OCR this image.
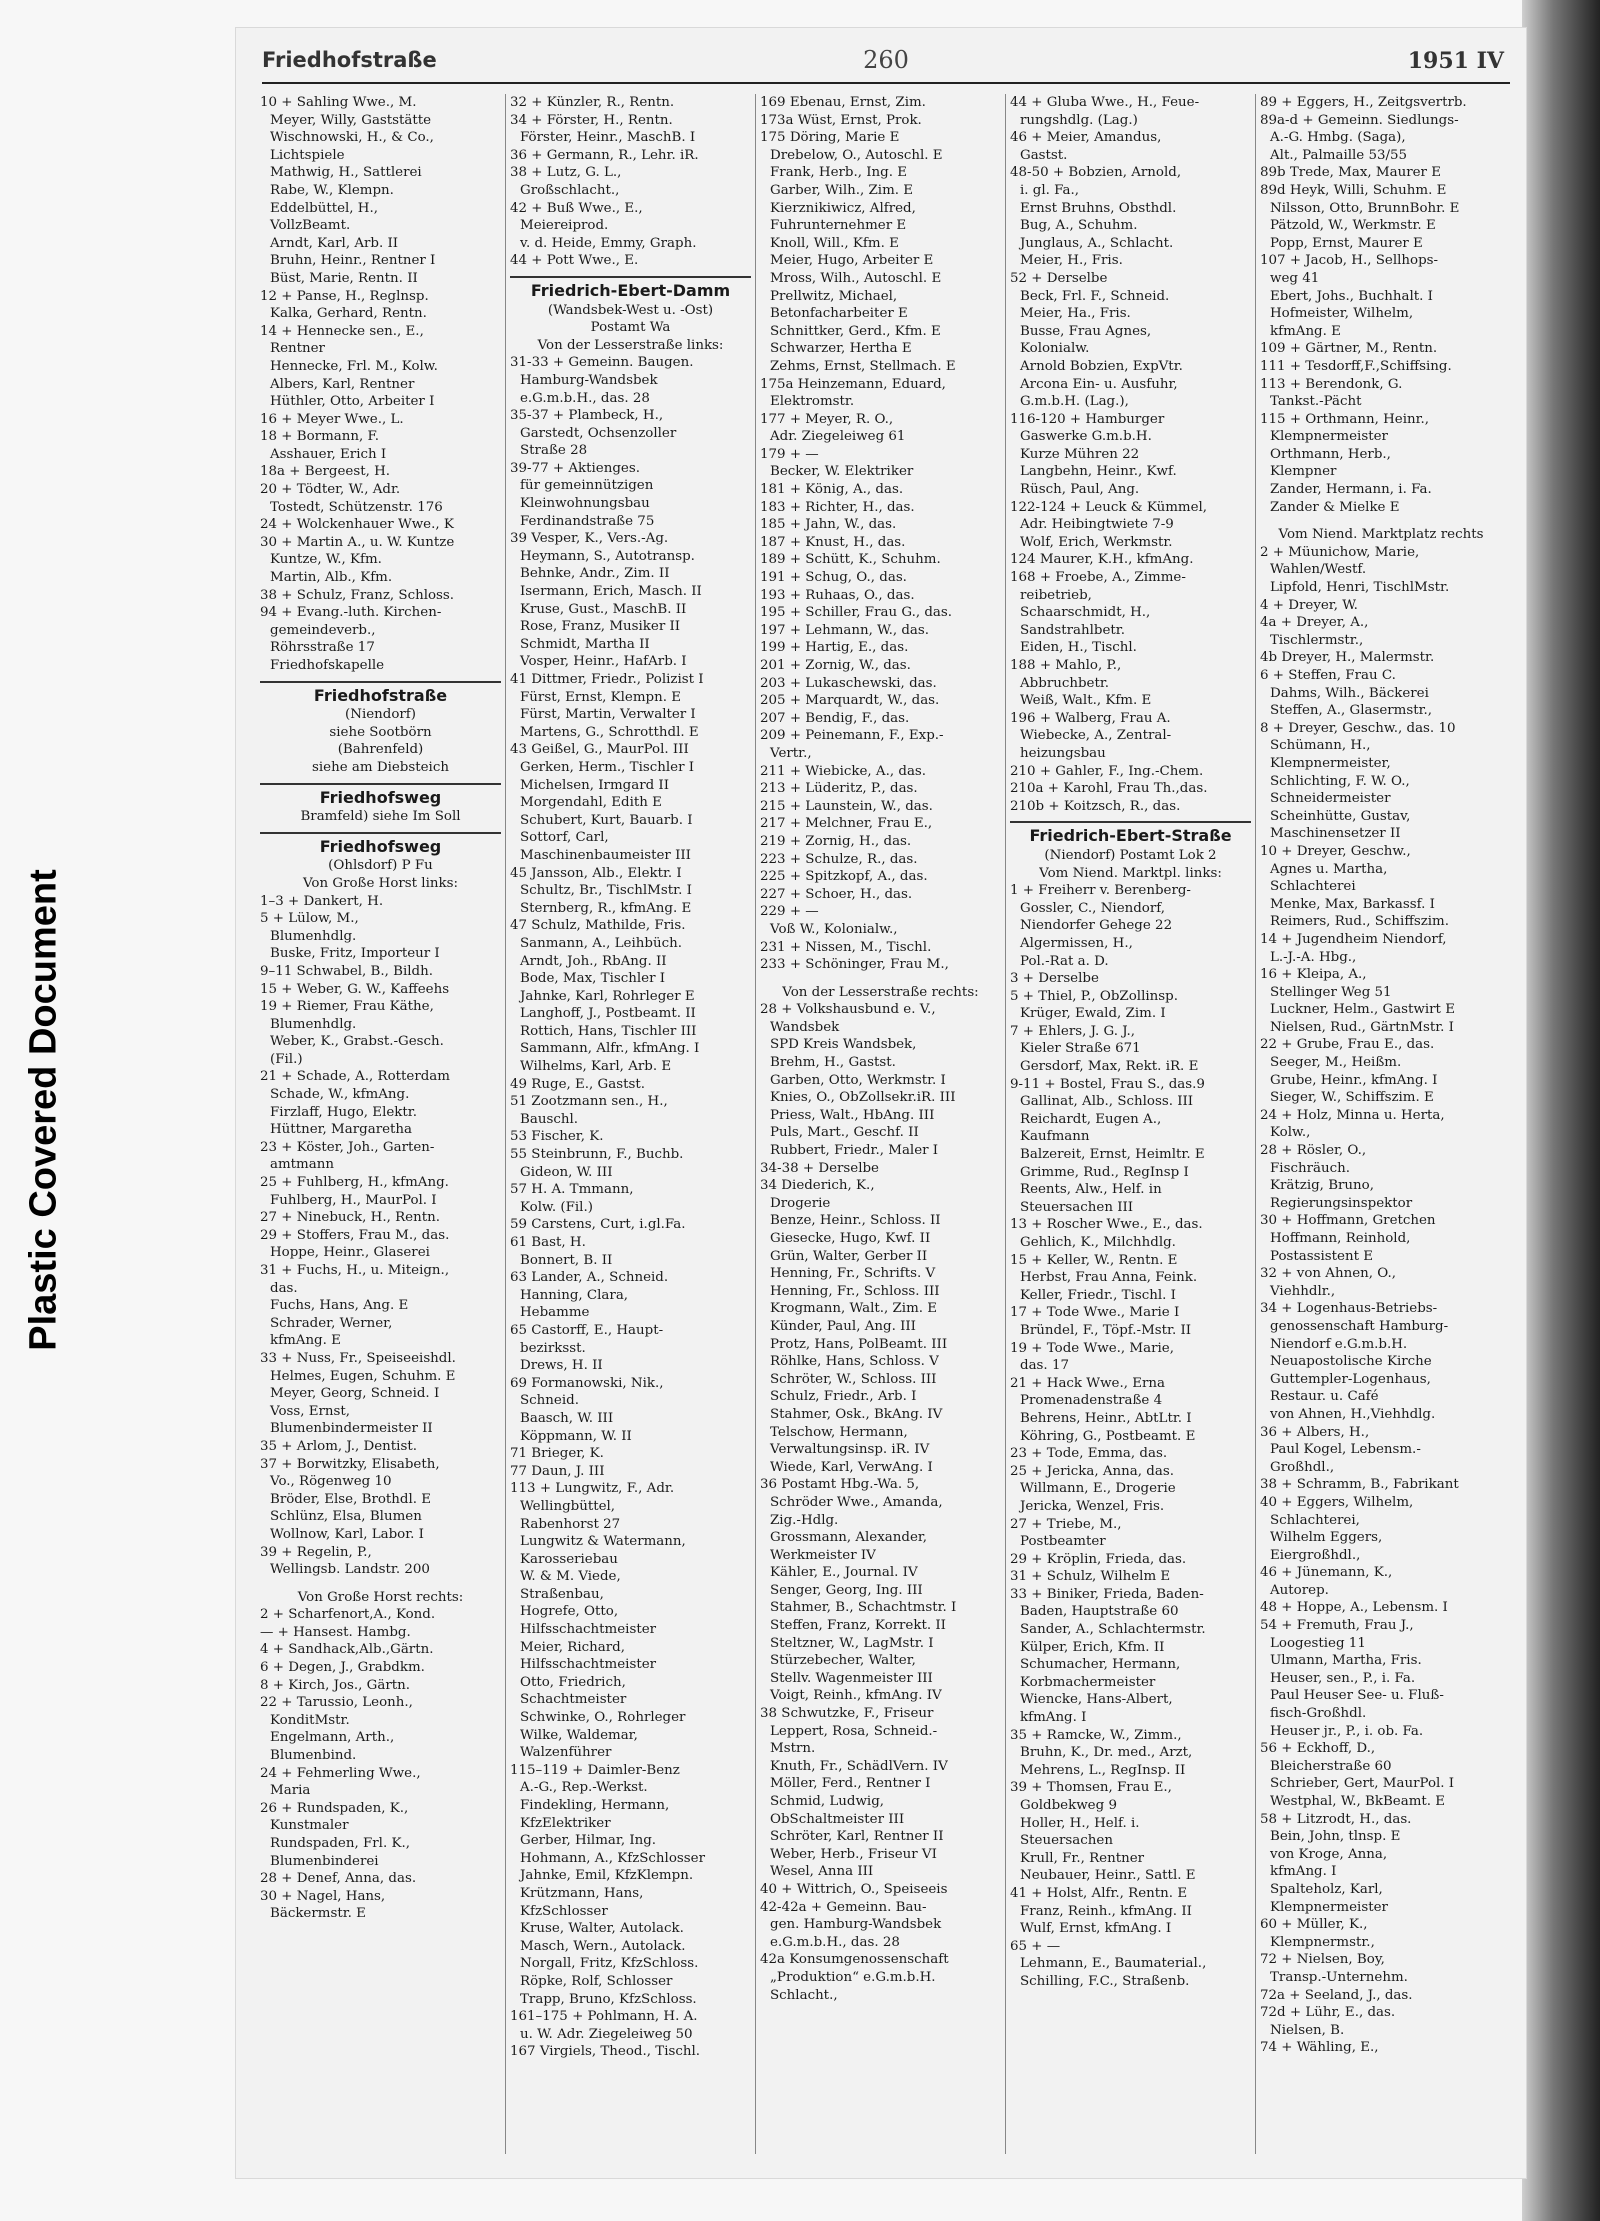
Plastic Covered Document
Friedhofstraße	260	1951 IV
10 + Sahling Wwe., M.
Meyer, Willy, Gaststätte
Wischnowski, H., & Co.,
Lichtspiele
Mathwig, H., Sattlerei
Rabe, W., Klempn.
Eddelbüttel, H.,
VollzBeamt.
Arndt, Karl, Arb. II
Bruhn, Heinr., Rentner I
Büst, Marie, Rentn. II
12 + Panse, H., Reglnsp.
Kalka, Gerhard, Rentn.
14 + Hennecke sen., E.,
Rentner
Hennecke, Frl. M., Kolw.
Albers, Karl, Rentner
Hüthler, Otto, Arbeiter I
16 + Meyer Wwe., L.
18 + Bormann, F.
Asshauer, Erich I
18a + Bergeest, H.
20 + Tödter, W., Adr.
Tostedt, Schützenstr. 176
24 + Wolckenhauer Wwe., K
30 + Martin A., u. W. Kuntze
Kuntze, W., Kfm.
Martin, Alb., Kfm.
38 + Schulz, Franz, Schloss.
94 + Evang.-luth. Kirchen-
gemeindeverb.,
Röhrsstraße 17
Friedhofskapelle
Friedhofstraße
(Niendorf)
siehe Sootbörn
(Bahrenfeld)
siehe am Diebsteich
Friedhofsweg
Bramfeld) siehe Im Soll
Friedhofsweg
(Ohlsdorf) P Fu
Von Große Horst links:
1–3 + Dankert, H.
5 + Lülow, M.,
Blumenhdlg.
Buske, Fritz, Importeur I
9–11 Schwabel, B., Bildh.
15 + Weber, G. W., Kaffeehs
19 + Riemer, Frau Käthe,
Blumenhdlg.
Weber, K., Grabst.-Gesch.
(Fil.)
21 + Schade, A., Rotterdam
Schade, W., kfmAng.
Firzlaff, Hugo, Elektr.
Hüttner, Margaretha
23 + Köster, Joh., Garten-
amtmann
25 + Fuhlberg, H., kfmAng.
Fuhlberg, H., MaurPol. I
27 + Ninebuck, H., Rentn.
29 + Stoffers, Frau M., das.
Hoppe, Heinr., Glaserei
31 + Fuchs, H., u. Miteign.,
das.
Fuchs, Hans, Ang. E
Schrader, Werner,
kfmAng. E
33 + Nuss, Fr., Speiseeishdl.
Helmes, Eugen, Schuhm. E
Meyer, Georg, Schneid. I
Voss, Ernst,
Blumenbindermeister II
35 + Arlom, J., Dentist.
37 + Borwitzky, Elisabeth,
Vo., Rögenweg 10
Bröder, Else, Brothdl. E
Schlünz, Elsa, Blumen
Wollnow, Karl, Labor. I
39 + Regelin, P.,
Wellingsb. Landstr. 200
Von Große Horst rechts:
2 + Scharfenort,A., Kond.
— + Hansest. Hambg.
4 + Sandhack,Alb.,Gärtn.
6 + Degen, J., Grabdkm.
8 + Kirch, Jos., Gärtn.
22 + Tarussio, Leonh.,
KonditMstr.
Engelmann, Arth.,
Blumenbind.
24 + Fehmerling Wwe.,
Maria
26 + Rundspaden, K.,
Kunstmaler
Rundspaden, Frl. K.,
Blumenbinderei
28 + Denef, Anna, das.
30 + Nagel, Hans,
Bäckermstr. E
32 + Künzler, R., Rentn.
34 + Förster, H., Rentn.
Förster, Heinr., MaschB. I
36 + Germann, R., Lehr. iR.
38 + Lutz, G. L.,
Großschlacht.,
42 + Buß Wwe., E.,
Meiereiprod.
v. d. Heide, Emmy, Graph.
44 + Pott Wwe., E.
Friedrich-Ebert-Damm
(Wandsbek-West u. -Ost)
Postamt Wa
Von der Lesserstraße links:
31-33 + Gemeinn. Baugen.
Hamburg-Wandsbek
e.G.m.b.H., das. 28
35-37 + Plambeck, H.,
Garstedt, Ochsenzoller
Straße 28
39-77 + Aktienges.
für gemeinnützigen
Kleinwohnungsbau
Ferdinandstraße 75
39 Vesper, K., Vers.-Ag.
Heymann, S., Autotransp.
Behnke, Andr., Zim. II
Isermann, Erich, Masch. II
Kruse, Gust., MaschB. II
Rose, Franz, Musiker II
Schmidt, Martha II
Vosper, Heinr., HafArb. I
41 Dittmer, Friedr., Polizist I
Fürst, Ernst, Klempn. E
Fürst, Martin, Verwalter I
Martens, G., Schrotthdl. E
43 Geißel, G., MaurPol. III
Gerken, Herm., Tischler I
Michelsen, Irmgard II
Morgendahl, Edith E
Schubert, Kurt, Bauarb. I
Sottorf, Carl,
Maschinenbaumeister III
45 Jansson, Alb., Elektr. I
Schultz, Br., TischlMstr. I
Sternberg, R., kfmAng. E
47 Schulz, Mathilde, Fris.
Sanmann, A., Leihbüch.
Arndt, Joh., RbAng. II
Bode, Max, Tischler I
Jahnke, Karl, Rohrleger E
Langhoff, J., Postbeamt. II
Rottich, Hans, Tischler III
Sammann, Alfr., kfmAng. I
Wilhelms, Karl, Arb. E
49 Ruge, E., Gastst.
51 Zootzmann sen., H.,
Bauschl.
53 Fischer, K.
55 Steinbrunn, F., Buchb.
Gideon, W. III
57 H. A. Tmmann,
Kolw. (Fil.)
59 Carstens, Curt, i.gl.Fa.
61 Bast, H.
Bonnert, B. II
63 Lander, A., Schneid.
Hanning, Clara,
Hebamme
65 Castorff, E., Haupt-
bezirksst.
Drews, H. II
69 Formanowski, Nik.,
Schneid.
Baasch, W. III
Köppmann, W. II
71 Brieger, K.
77 Daun, J. III
113 + Lungwitz, F., Adr.
Wellingbüttel,
Rabenhorst 27
Lungwitz & Watermann,
Karosseriebau
W. & M. Viede,
Straßenbau,
Hogrefe, Otto,
Hilfsschachtmeister
Meier, Richard,
Hilfsschachtmeister
Otto, Friedrich,
Schachtmeister
Schwinke, O., Rohrleger
Wilke, Waldemar,
Walzenführer
115–119 + Daimler-Benz
A.-G., Rep.-Werkst.
Findekling, Hermann,
KfzElektriker
Gerber, Hilmar, Ing.
Hohmann, A., KfzSchlosser
Jahnke, Emil, KfzKlempn.
Krützmann, Hans,
KfzSchlosser
Kruse, Walter, Autolack.
Masch, Wern., Autolack.
Norgall, Fritz, KfzSchloss.
Röpke, Rolf, Schlosser
Trapp, Bruno, KfzSchloss.
161–175 + Pohlmann, H. A.
u. W. Adr. Ziegeleiweg 50
167 Virgiels, Theod., Tischl.
169 Ebenau, Ernst, Zim.
173a Wüst, Ernst, Prok.
175 Döring, Marie E
Drebelow, O., Autoschl. E
Frank, Herb., Ing. E
Garber, Wilh., Zim. E
Kierznikiwicz, Alfred,
Fuhrunternehmer E
Knoll, Will., Kfm. E
Meier, Hugo, Arbeiter E
Mross, Wilh., Autoschl. E
Prellwitz, Michael,
Betonfacharbeiter E
Schnittker, Gerd., Kfm. E
Schwarzer, Hertha E
Zehms, Ernst, Stellmach. E
175a Heinzemann, Eduard,
Elektromstr.
177 + Meyer, R. O.,
Adr. Ziegeleiweg 61
179 + —
Becker, W. Elektriker
181 + König, A., das.
183 + Richter, H., das.
185 + Jahn, W., das.
187 + Knust, H., das.
189 + Schütt, K., Schuhm.
191 + Schug, O., das.
193 + Ruhaas, O., das.
195 + Schiller, Frau G., das.
197 + Lehmann, W., das.
199 + Hartig, E., das.
201 + Zornig, W., das.
203 + Lukaschewski, das.
205 + Marquardt, W., das.
207 + Bendig, F., das.
209 + Peinemann, F., Exp.-
Vertr.,
211 + Wiebicke, A., das.
213 + Lüderitz, P., das.
215 + Launstein, W., das.
217 + Melchner, Frau E.,
219 + Zornig, H., das.
223 + Schulze, R., das.
225 + Spitzkopf, A., das.
227 + Schoer, H., das.
229 + —
Voß W., Kolonialw.,
231 + Nissen, M., Tischl.
233 + Schöninger, Frau M.,
Von der Lesserstraße rechts:
28 + Volkshausbund e. V.,
Wandsbek
SPD Kreis Wandsbek,
Brehm, H., Gastst.
Garben, Otto, Werkmstr. I
Knies, O., ObZollsekr.iR. III
Priess, Walt., HbAng. III
Puls, Mart., Geschf. II
Rubbert, Friedr., Maler I
34-38 + Derselbe
34 Diederich, K.,
Drogerie
Benze, Heinr., Schloss. II
Giesecke, Hugo, Kwf. II
Grün, Walter, Gerber II
Henning, Fr., Schrifts. V
Henning, Fr., Schloss. III
Krogmann, Walt., Zim. E
Künder, Paul, Ang. III
Protz, Hans, PolBeamt. III
Röhlke, Hans, Schloss. V
Schröter, W., Schloss. III
Schulz, Friedr., Arb. I
Stahmer, Osk., BkAng. IV
Telschow, Hermann,
Verwaltungsinsp. iR. IV
Wiede, Karl, VerwAng. I
36 Postamt Hbg.-Wa. 5,
Schröder Wwe., Amanda,
Zig.-Hdlg.
Grossmann, Alexander,
Werkmeister IV
Kähler, E., Journal. IV
Senger, Georg, Ing. III
Stahmer, B., Schachtmstr. I
Steffen, Franz, Korrekt. II
Steltzner, W., LagMstr. I
Stürzebecher, Walter,
Stellv. Wagenmeister III
Voigt, Reinh., kfmAng. IV
38 Schwutzke, F., Friseur
Leppert, Rosa, Schneid.-
Mstrn.
Knuth, Fr., SchädlVern. IV
Möller, Ferd., Rentner I
Schmid, Ludwig,
ObSchaltmeister III
Schröter, Karl, Rentner II
Weber, Herb., Friseur VI
Wesel, Anna III
40 + Wittrich, O., Speiseeis
42-42a + Gemeinn. Bau-
gen. Hamburg-Wandsbek
e.G.m.b.H., das. 28
42a Konsumgenossenschaft
„Produktion“ e.G.m.b.H.
Schlacht.,
44 + Gluba Wwe., H., Feue-
rungshdlg. (Lag.)
46 + Meier, Amandus,
Gastst.
48-50 + Bobzien, Arnold,
i. gl. Fa.,
Ernst Bruhns, Obsthdl.
Bug, A., Schuhm.
Junglaus, A., Schlacht.
Meier, H., Fris.
52 + Derselbe
Beck, Frl. F., Schneid.
Meier, Ha., Fris.
Busse, Frau Agnes,
Kolonialw.
Arnold Bobzien, ExpVtr.
Arcona Ein- u. Ausfuhr,
G.m.b.H. (Lag.),
116-120 + Hamburger
Gaswerke G.m.b.H.
Kurze Mühren 22
Langbehn, Heinr., Kwf.
Rüsch, Paul, Ang.
122-124 + Leuck & Kümmel,
Adr. Heibingtwiete 7-9
Wolf, Erich, Werkmstr.
124 Maurer, K.H., kfmAng.
168 + Froebe, A., Zimme-
reibetrieb,
Schaarschmidt, H.,
Sandstrahlbetr.
Eiden, H., Tischl.
188 + Mahlo, P.,
Abbruchbetr.
Weiß, Walt., Kfm. E
196 + Walberg, Frau A.
Wiebecke, A., Zentral-
heizungsbau
210 + Gahler, F., Ing.-Chem.
210a + Karohl, Frau Th.,das.
210b + Koitzsch, R., das.
Friedrich-Ebert-Straße
(Niendorf) Postamt Lok 2
Vom Niend. Marktpl. links:
1 + Freiherr v. Berenberg-
Gossler, C., Niendorf,
Niendorfer Gehege 22
Algermissen, H.,
Pol.-Rat a. D.
3 + Derselbe
5 + Thiel, P., ObZollinsp.
Krüger, Ewald, Zim. I
7 + Ehlers, J. G. J.,
Kieler Straße 671
Gersdorf, Max, Rekt. iR. E
9-11 + Bostel, Frau S., das.9
Gallinat, Alb., Schloss. III
Reichardt, Eugen A.,
Kaufmann
Balzereit, Ernst, Heimltr. E
Grimme, Rud., RegInsp I
Reents, Alw., Helf. in
Steuersachen III
13 + Roscher Wwe., E., das.
Gehlich, K., Milchhdlg.
15 + Keller, W., Rentn. E
Herbst, Frau Anna, Feink.
Keller, Friedr., Tischl. I
17 + Tode Wwe., Marie I
Bründel, F., Töpf.-Mstr. II
19 + Tode Wwe., Marie,
das. 17
21 + Hack Wwe., Erna
Promenadenstraße 4
Behrens, Heinr., AbtLtr. I
Köhring, G., Postbeamt. E
23 + Tode, Emma, das.
25 + Jericka, Anna, das.
Willmann, E., Drogerie
Jericka, Wenzel, Fris.
27 + Triebe, M.,
Postbeamter
29 + Kröplin, Frieda, das.
31 + Schulz, Wilhelm E
33 + Biniker, Frieda, Baden-
Baden, Hauptstraße 60
Sander, A., Schlachtermstr.
Külper, Erich, Kfm. II
Schumacher, Hermann,
Korbmachermeister
Wiencke, Hans-Albert,
kfmAng. I
35 + Ramcke, W., Zimm.,
Bruhn, K., Dr. med., Arzt,
Mehrens, L., RegInsp. II
39 + Thomsen, Frau E.,
Goldbekweg 9
Holler, H., Helf. i.
Steuersachen
Krull, Fr., Rentner
Neubauer, Heinr., Sattl. E
41 + Holst, Alfr., Rentn. E
Franz, Reinh., kfmAng. II
Wulf, Ernst, kfmAng. I
65 + —
Lehmann, E., Baumaterial.,
Schilling, F.C., Straßenb.
89 + Eggers, H., Zeitgsvertrb.
89a-d + Gemeinn. Siedlungs-
A.-G. Hmbg. (Saga),
Alt., Palmaille 53/55
89b Trede, Max, Maurer E
89d Heyk, Willi, Schuhm. E
Nilsson, Otto, BrunnBohr. E
Pätzold, W., Werkmstr. E
Popp, Ernst, Maurer E
107 + Jacob, H., Sellhops-
weg 41
Ebert, Johs., Buchhalt. I
Hofmeister, Wilhelm,
kfmAng. E
109 + Gärtner, M., Rentn.
111 + Tesdorff,F.,Schiffsing.
113 + Berendonk, G.
Tankst.-Pächt
115 + Orthmann, Heinr.,
Klempnermeister
Orthmann, Herb.,
Klempner
Zander, Hermann, i. Fa.
Zander & Mielke E
Vom Niend. Marktplatz rechts
2 + Müunichow, Marie,
Wahlen/Westf.
Lipfold, Henri, TischlMstr.
4 + Dreyer, W.
4a + Dreyer, A.,
Tischlermstr.,
4b Dreyer, H., Malermstr.
6 + Steffen, Frau C.
Dahms, Wilh., Bäckerei
Steffen, A., Glasermstr.,
8 + Dreyer, Geschw., das. 10
Schümann, H.,
Klempnermeister,
Schlichting, F. W. O.,
Schneidermeister
Scheinhütte, Gustav,
Maschinensetzer II
10 + Dreyer, Geschw.,
Agnes u. Martha,
Schlachterei
Menke, Max, Barkassf. I
Reimers, Rud., Schiffszim.
14 + Jugendheim Niendorf,
L.-J.-A. Hbg.,
16 + Kleipa, A.,
Stellinger Weg 51
Luckner, Helm., Gastwirt E
Nielsen, Rud., GärtnMstr. I
22 + Grube, Frau E., das.
Seeger, M., Heißm.
Grube, Heinr., kfmAng. I
Sieger, W., Schiffszim. E
24 + Holz, Minna u. Herta,
Kolw.,
28 + Rösler, O.,
Fischräuch.
Krätzig, Bruno,
Regierungsinspektor
30 + Hoffmann, Gretchen
Hoffmann, Reinhold,
Postassistent E
32 + von Ahnen, O.,
Viehhdlr.,
34 + Logenhaus-Betriebs-
genossenschaft Hamburg-
Niendorf e.G.m.b.H.
Neuapostolische Kirche
Guttempler-Logenhaus,
Restaur. u. Café
von Ahnen, H.,Viehhdlg.
36 + Albers, H.,
Paul Kogel, Lebensm.-
Großhdl.,
38 + Schramm, B., Fabrikant
40 + Eggers, Wilhelm,
Schlachterei,
Wilhelm Eggers,
Eiergroßhdl.,
46 + Jünemann, K.,
Autorep.
48 + Hoppe, A., Lebensm. I
54 + Fremuth, Frau J.,
Loogestieg 11
Ulmann, Martha, Fris.
Heuser, sen., P., i. Fa.
Paul Heuser See- u. Fluß-
fisch-Großhdl.
Heuser jr., P., i. ob. Fa.
56 + Eckhoff, D.,
Bleicherstraße 60
Schrieber, Gert, MaurPol. I
Westphal, W., BkBeamt. E
58 + Litzrodt, H., das.
Bein, John, tlnsp. E
von Kroge, Anna,
kfmAng. I
Spalteholz, Karl,
Klempnermeister
60 + Müller, K.,
Klempnermstr.,
72 + Nielsen, Boy,
Transp.-Unternehm.
72a + Seeland, J., das.
72d + Lühr, E., das.
Nielsen, B.
74 + Wähling, E.,
